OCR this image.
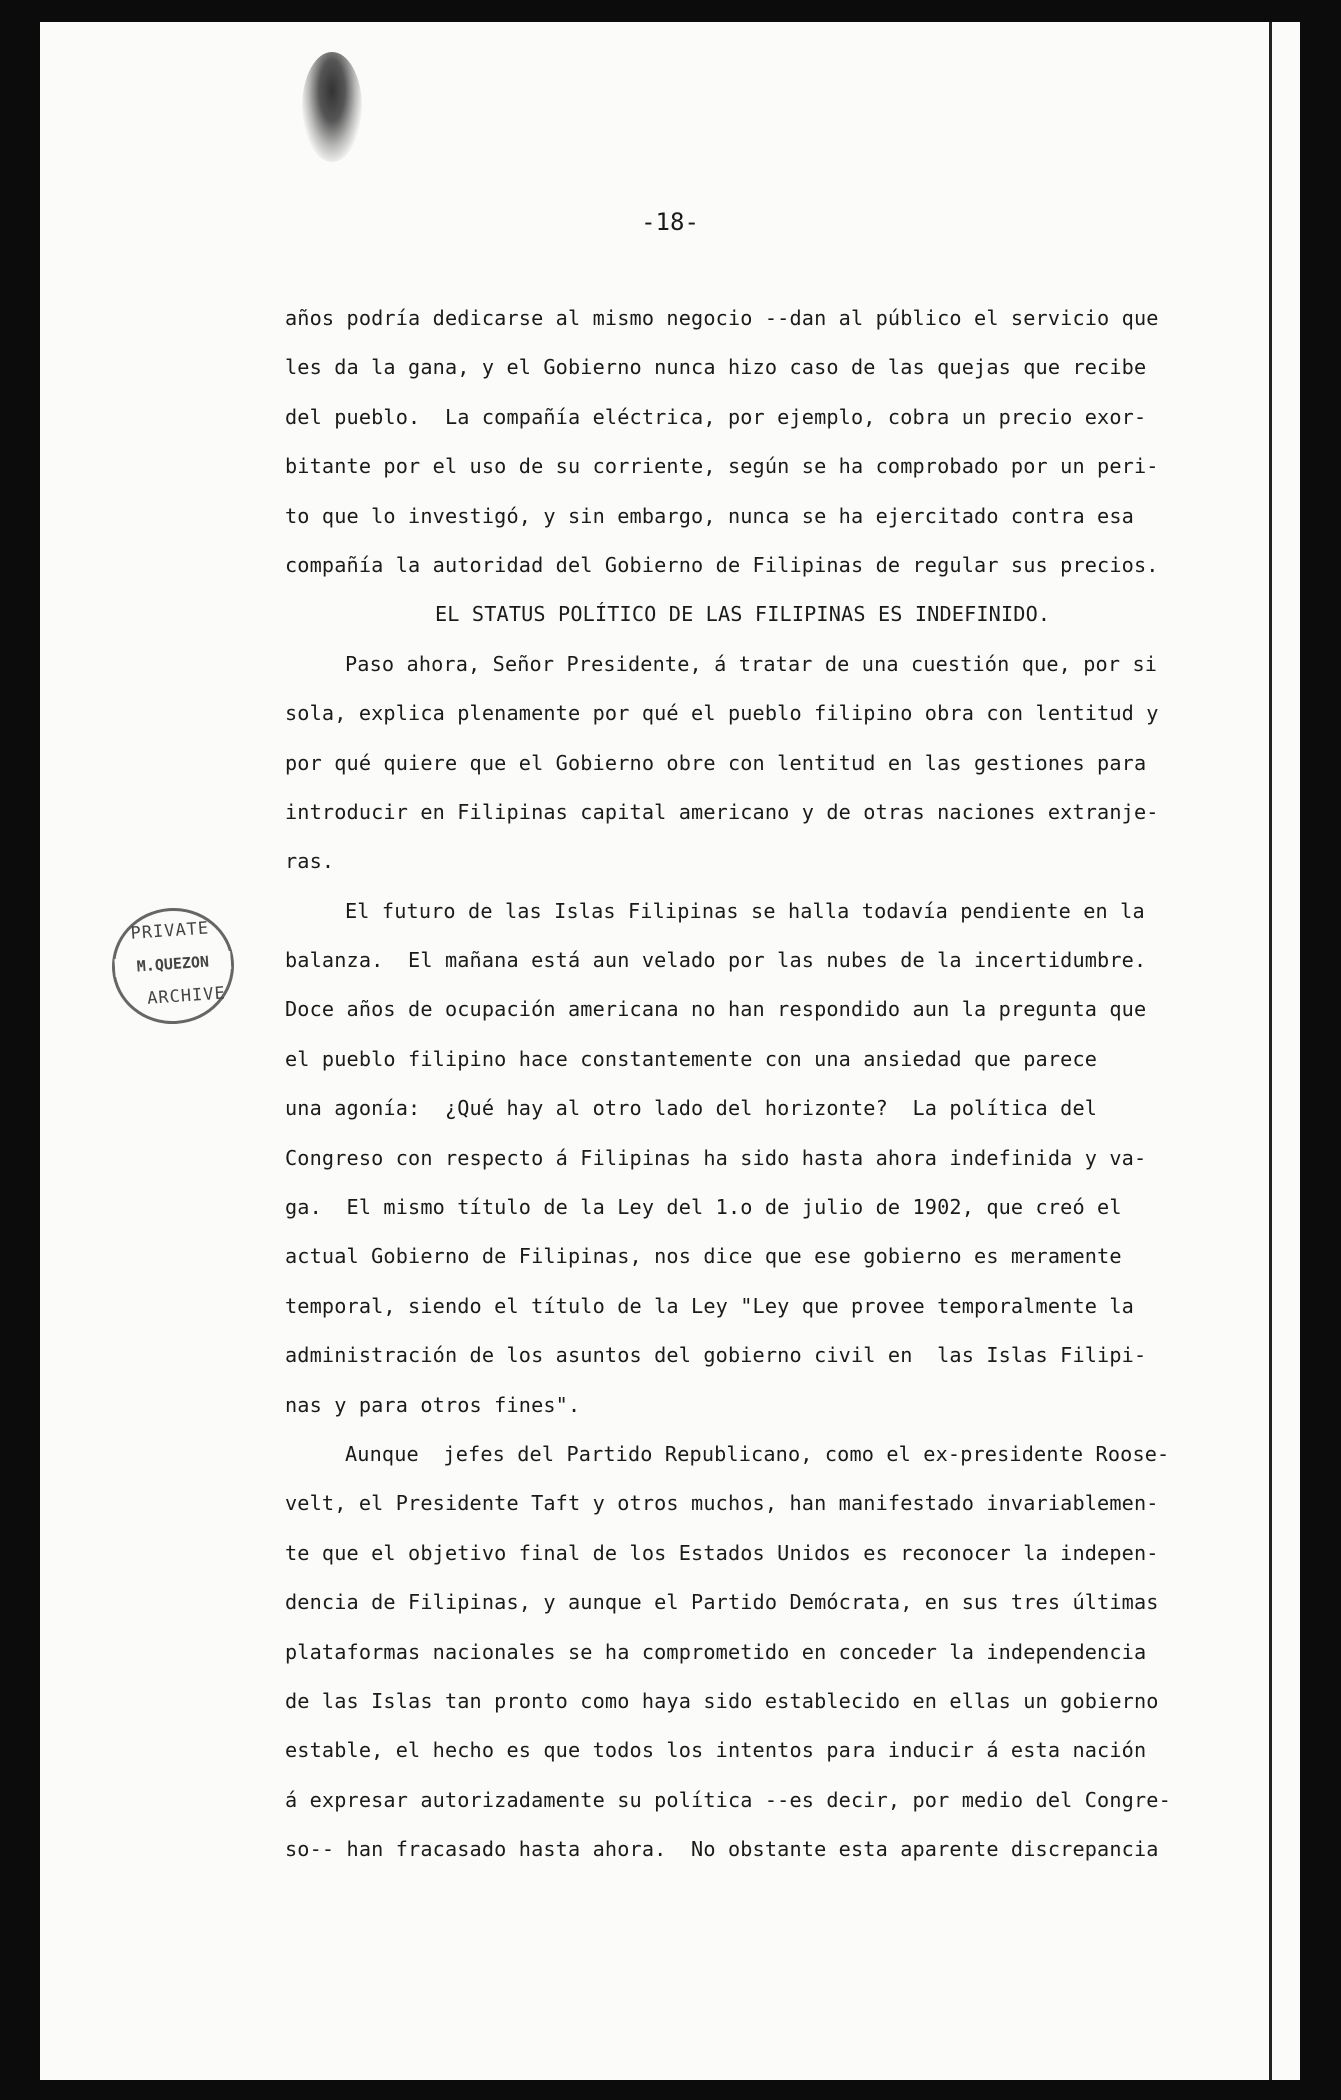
PRIVATE
M.QUEZON
ARCHIVE
-18-
años podría dedicarse al mismo negocio --dan al público el servicio que
les da la gana, y el Gobierno nunca hizo caso de las quejas que recibe
del pueblo.  La compañía eléctrica, por ejemplo, cobra un precio exor-
bitante por el uso de su corriente, según se ha comprobado por un peri-
to que lo investigó, y sin embargo, nunca se ha ejercitado contra esa
compañía la autoridad del Gobierno de Filipinas de regular sus precios.
EL STATUS POLÍTICO DE LAS FILIPINAS ES INDEFINIDO.
Paso ahora, Señor Presidente, á tratar de una cuestión que, por si
sola, explica plenamente por qué el pueblo filipino obra con lentitud y
por qué quiere que el Gobierno obre con lentitud en las gestiones para
introducir en Filipinas capital americano y de otras naciones extranje-
ras.
El futuro de las Islas Filipinas se halla todavía pendiente en la
balanza.  El mañana está aun velado por las nubes de la incertidumbre.
Doce años de ocupación americana no han respondido aun la pregunta que
el pueblo filipino hace constantemente con una ansiedad que parece
una agonía:  ¿Qué hay al otro lado del horizonte?  La política del
Congreso con respecto á Filipinas ha sido hasta ahora indefinida y va-
ga.  El mismo título de la Ley del 1.o de julio de 1902, que creó el
actual Gobierno de Filipinas, nos dice que ese gobierno es meramente
temporal, siendo el título de la Ley "Ley que provee temporalmente la
administración de los asuntos del gobierno civil en  las Islas Filipi-
nas y para otros fines".
Aunque  jefes del Partido Republicano, como el ex-presidente Roose-
velt, el Presidente Taft y otros muchos, han manifestado invariablemen-
te que el objetivo final de los Estados Unidos es reconocer la indepen-
dencia de Filipinas, y aunque el Partido Demócrata, en sus tres últimas
plataformas nacionales se ha comprometido en conceder la independencia
de las Islas tan pronto como haya sido establecido en ellas un gobierno
estable, el hecho es que todos los intentos para inducir á esta nación
á expresar autorizadamente su política --es decir, por medio del Congre-
so-- han fracasado hasta ahora.  No obstante esta aparente discrepancia
